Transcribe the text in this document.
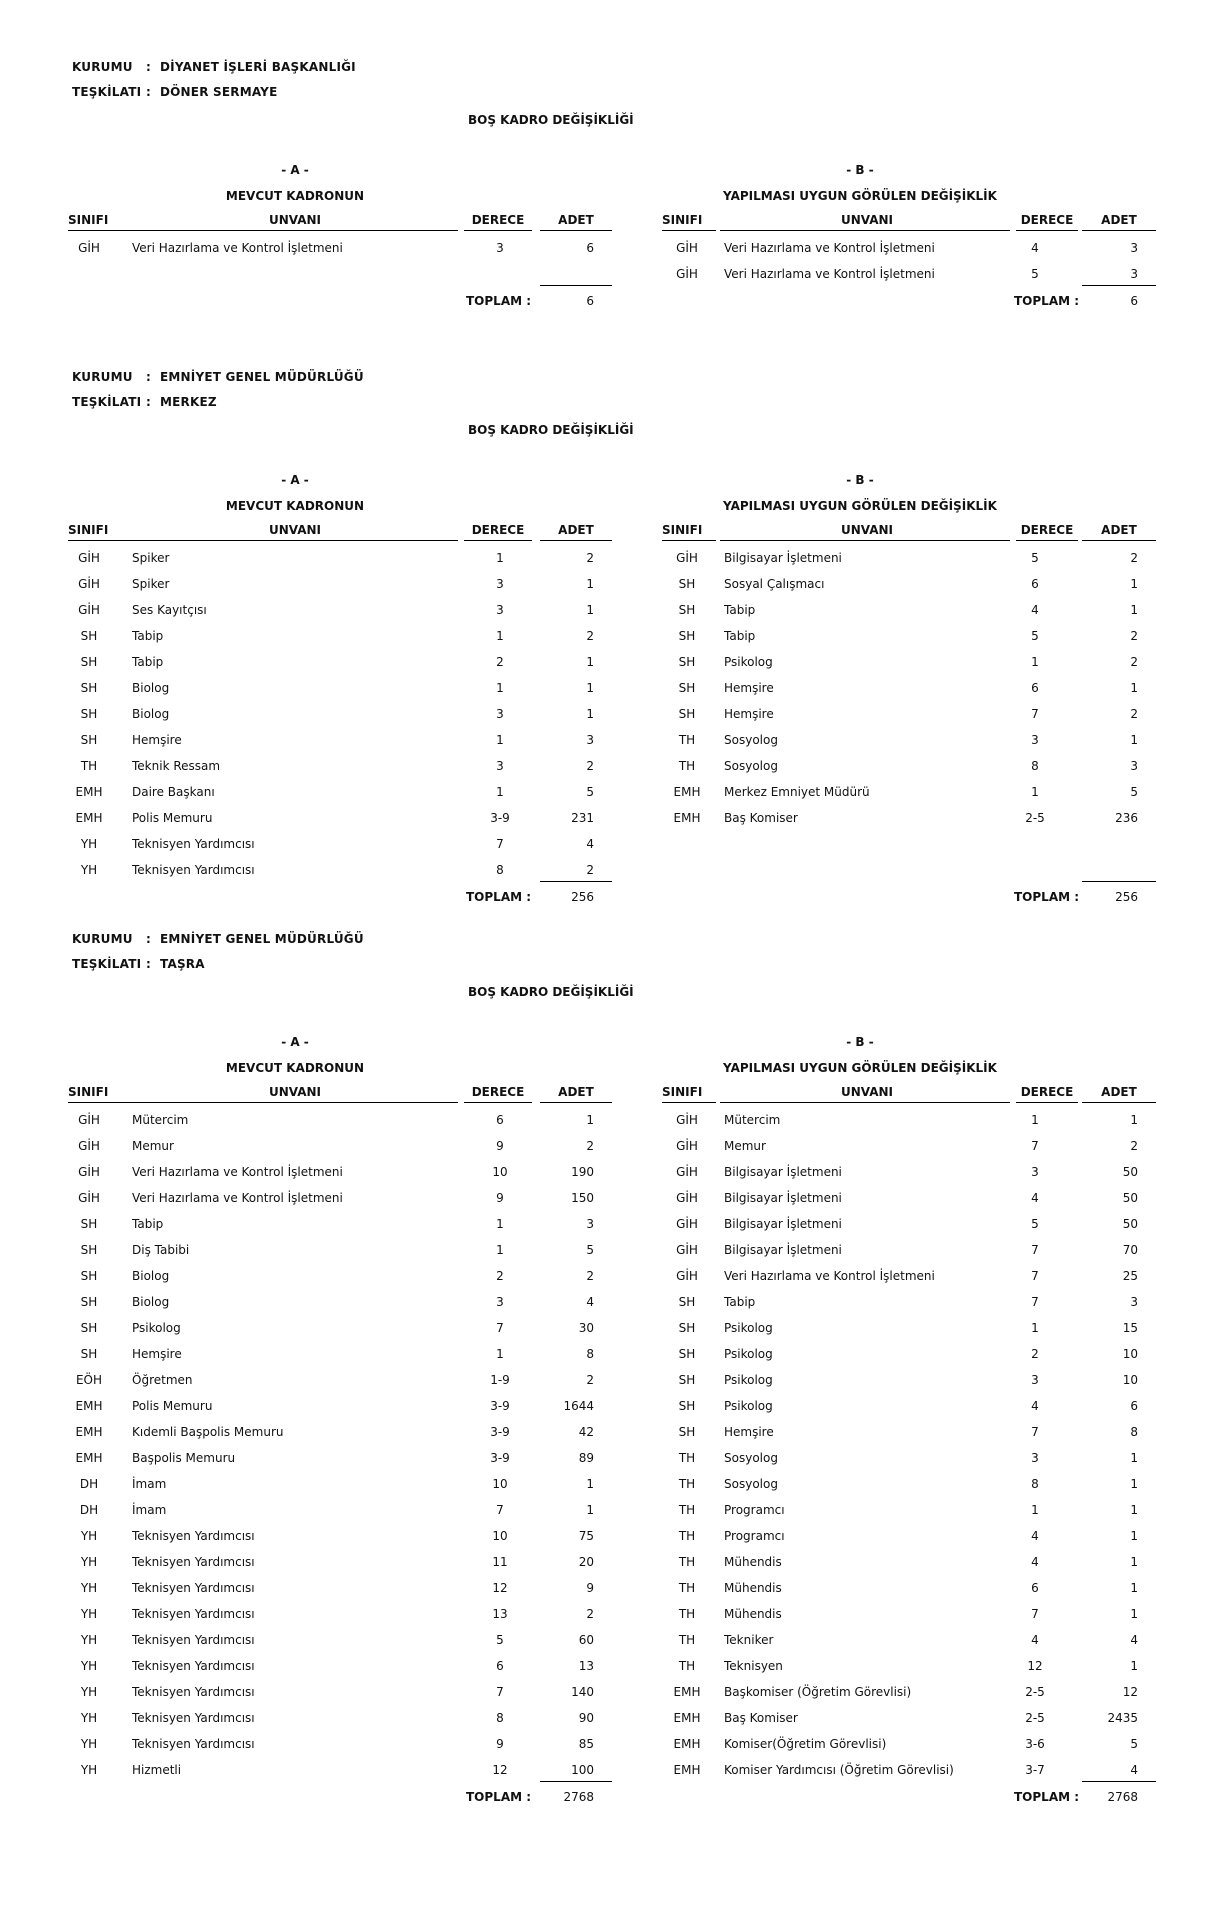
KURUMU : DİYANET İŞLERİ BAŞKANLIĞI
TEŞKİLATI : DÖNER SERMAYE
BOŞ KADRO DEĞİŞİKLİĞİ
- A -
MEVCUT KADRONUN
SINIFI	UNVANI	DERECE	ADET
GİH	Veri Hazırlama ve Kontrol İşletmeni	3	6
- B -
YAPILMASI UYGUN GÖRÜLEN DEĞİŞİKLİK
SINIFI	UNVANI	DERECE	ADET
GİH	Veri Hazırlama ve Kontrol İşletmeni	4	3
GİH	Veri Hazırlama ve Kontrol İşletmeni	5	3
TOPLAM :	6	TOPLAM :	6
KURUMU : EMNİYET GENEL MÜDÜRLÜĞÜ
TEŞKİLATI : MERKEZ
BOŞ KADRO DEĞİŞİKLİĞİ
- A -
MEVCUT KADRONUN
SINIFI	UNVANI	DERECE	ADET
GİH	Spiker	1	2
GİH	Spiker	3	1
GİH	Ses Kayıtçısı	3	1
SH	Tabip	1	2
SH	Tabip	2	1
SH	Biolog	1	1
SH	Biolog	3	1
SH	Hemşire	1	3
TH	Teknik Ressam	3	2
EMH Daire Başkanı	1	5
EMH Polis Memuru	3-9	231
YH	Teknisyen Yardımcısı	7	4
YH	Teknisyen Yardımcısı	8	2
- B -
YAPILMASI UYGUN GÖRÜLEN DEĞİŞİKLİK
SINIFI	UNVANI	DERECE	ADET
GİH	Bilgisayar İşletmeni	5	2
SH	Sosyal Çalışmacı	6	1
SH	Tabip	4	1
SH	Tabip	5	2
SH	Psikolog	1	2
SH	Hemşire	6	1
SH	Hemşire	7	2
TH	Sosyolog	3	1
TH	Sosyolog	8	3
EMH	Merkez Emniyet Müdürü	1	5
EMH	Baş Komiser	2-5	236
TOPLAM :	256	TOPLAM :	256
KURUMU : EMNİYET GENEL MÜDÜRLÜĞÜ
TEŞKİLATI : TAŞRA
BOŞ KADRO DEĞİŞİKLİĞİ
- A -
MEVCUT KADRONUN
SINIFI	UNVANI	DERECE	ADET
GİH	Mütercim	6	1
GİH	Memur	9	2
GİH	Veri Hazırlama ve Kontrol İşletmeni	10	190
GİH	Veri Hazırlama ve Kontrol İşletmeni	9	150
SH	Tabip	1	3
SH	Diş Tabibi	1	5
SH	Biolog	2	2
SH	Biolog	3	4
SH	Psikolog	7	30
SH	Hemşire	1	8
EÖH	Öğretmen	1-9	2
EMH Polis Memuru	3-9	1644
EMH Kıdemli Başpolis Memuru	3-9	42
EMH Başpolis Memuru	3-9	89
DH	İmam	10	1
DH	İmam	7	1
YH	Teknisyen Yardımcısı	10	75
YH	Teknisyen Yardımcısı	11	20
YH	Teknisyen Yardımcısı	12	9
YH	Teknisyen Yardımcısı	13	2
YH	Teknisyen Yardımcısı	5	60
YH	Teknisyen Yardımcısı	6	13
YH	Teknisyen Yardımcısı	7	140
YH	Teknisyen Yardımcısı	8	90
YH	Teknisyen Yardımcısı	9	85
YH	Hizmetli	12	100
- B -
YAPILMASI UYGUN GÖRÜLEN DEĞİŞİKLİK
SINIFI	UNVANI	DERECE	ADET
GİH	Mütercim	1	1
GİH	Memur	7	2
GİH	Bilgisayar İşletmeni	3	50
GİH	Bilgisayar İşletmeni	4	50
GİH	Bilgisayar İşletmeni	5	50
GİH	Bilgisayar İşletmeni	7	70
GİH	Veri Hazırlama ve Kontrol İşletmeni	7	25
SH	Tabip	7	3
SH	Psikolog	1	15
SH	Psikolog	2	10
SH	Psikolog	3	10
SH	Psikolog	4	6
SH	Hemşire	7	8
TH	Sosyolog	3	1
TH	Sosyolog	8	1
TH	Programcı	1	1
TH	Programcı	4	1
TH	Mühendis	4	1
TH	Mühendis	6	1
TH	Mühendis	7	1
TH	Tekniker	4	4
TH	Teknisyen	12	1
EMH	Başkomiser (Öğretim Görevlisi)	2-5	12
EMH	Baş Komiser	2-5	2435
EMH	Komiser(Öğretim Görevlisi)	3-6	5
EMH	Komiser Yardımcısı (Öğretim Görevlisi)	3-7	4
TOPLAM :	2768	TOPLAM :	2768
